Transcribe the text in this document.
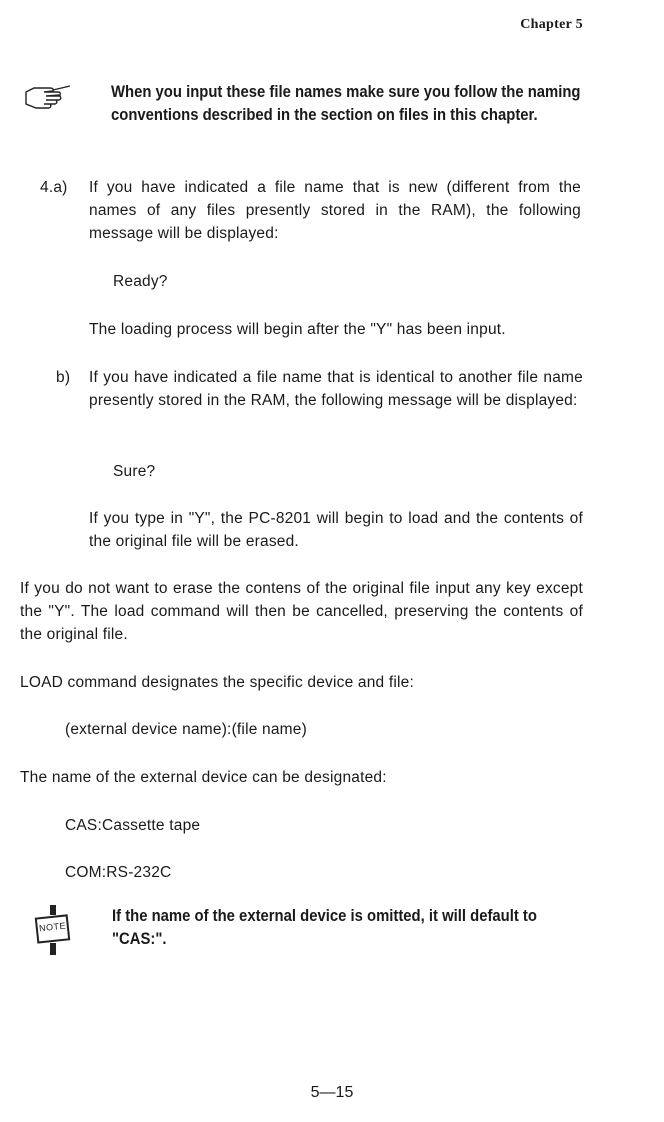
Chapter 5
When you input these file names make sure you follow the naming conventions described in the section on files in this chapter.
4.a) If you have indicated a file name that is new (different from the names of any files presently stored in the RAM), the following message will be displayed:
Ready?
The loading process will begin after the "Y" has been input.
b) If you have indicated a file name that is identical to another file name presently stored in the RAM, the following message will be displayed:
Sure?
If you type in "Y", the PC-8201 will begin to load and the contents of the original file will be erased.
If you do not want to erase the contens of the original file input any key except the "Y". The load command will then be cancelled, preserving the contents of the original file.
LOAD command designates the specific device and file:
(external device name):(file name)
The name of the external device can be designated:
CAS:Cassette tape
COM:RS-232C
NOTE
If the name of the external device is omitted, it will default to "CAS:".
5—15
